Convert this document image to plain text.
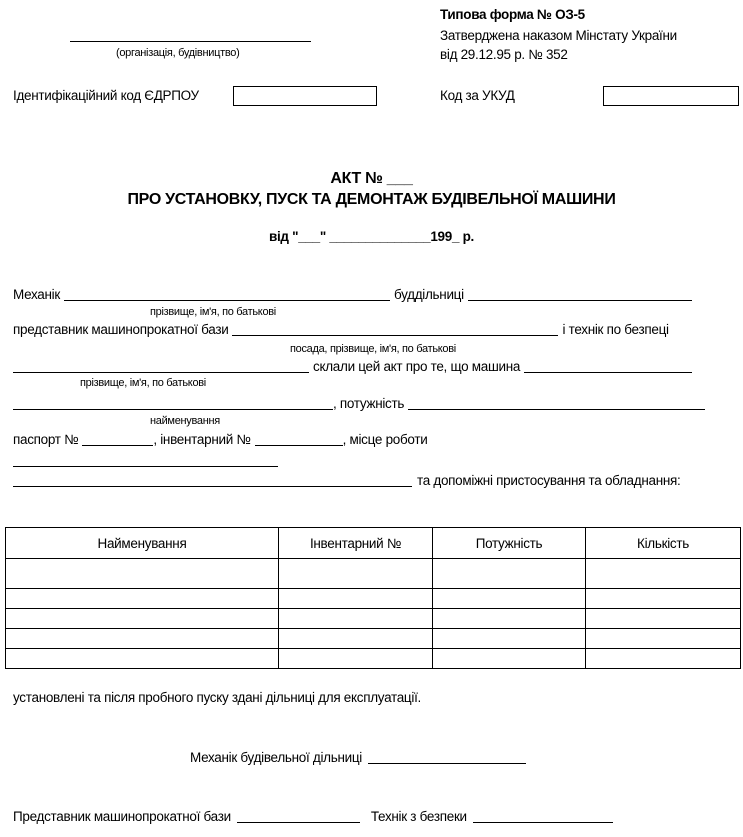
Типова форма № ОЗ-5
Затверджена наказом Мінстату України
від 29.12.95 р. № 352
(організація, будівництво)
Ідентифікаційний код ЄДРПОУ	Код за УКУД
АКТ № ___
ПРО УСТАНОВКУ, ПУСК ТА ДЕМОНТАЖ БУДІВЕЛЬНОЇ МАШИНИ
від "___" ______________199_ р.
Механік	буддільниці
прізвище, ім'я, по батькові
представник машинопрокатної бази	і технік по безпеці
посада, прізвище, ім'я, по батькові
склали цей акт про те, що машина
прізвище, ім'я, по батькові
, потужність
найменування
паспорт №	, інвентарний №	, місце роботи
та допоміжні пристосування та обладнання:
Найменування	Інвентарний №	Потужність	Кількість

установлені та після пробного пуску здані дільниці для експлуатації.
Механік будівельної дільниці
Представник машинопрокатної бази	Технік з безпеки
